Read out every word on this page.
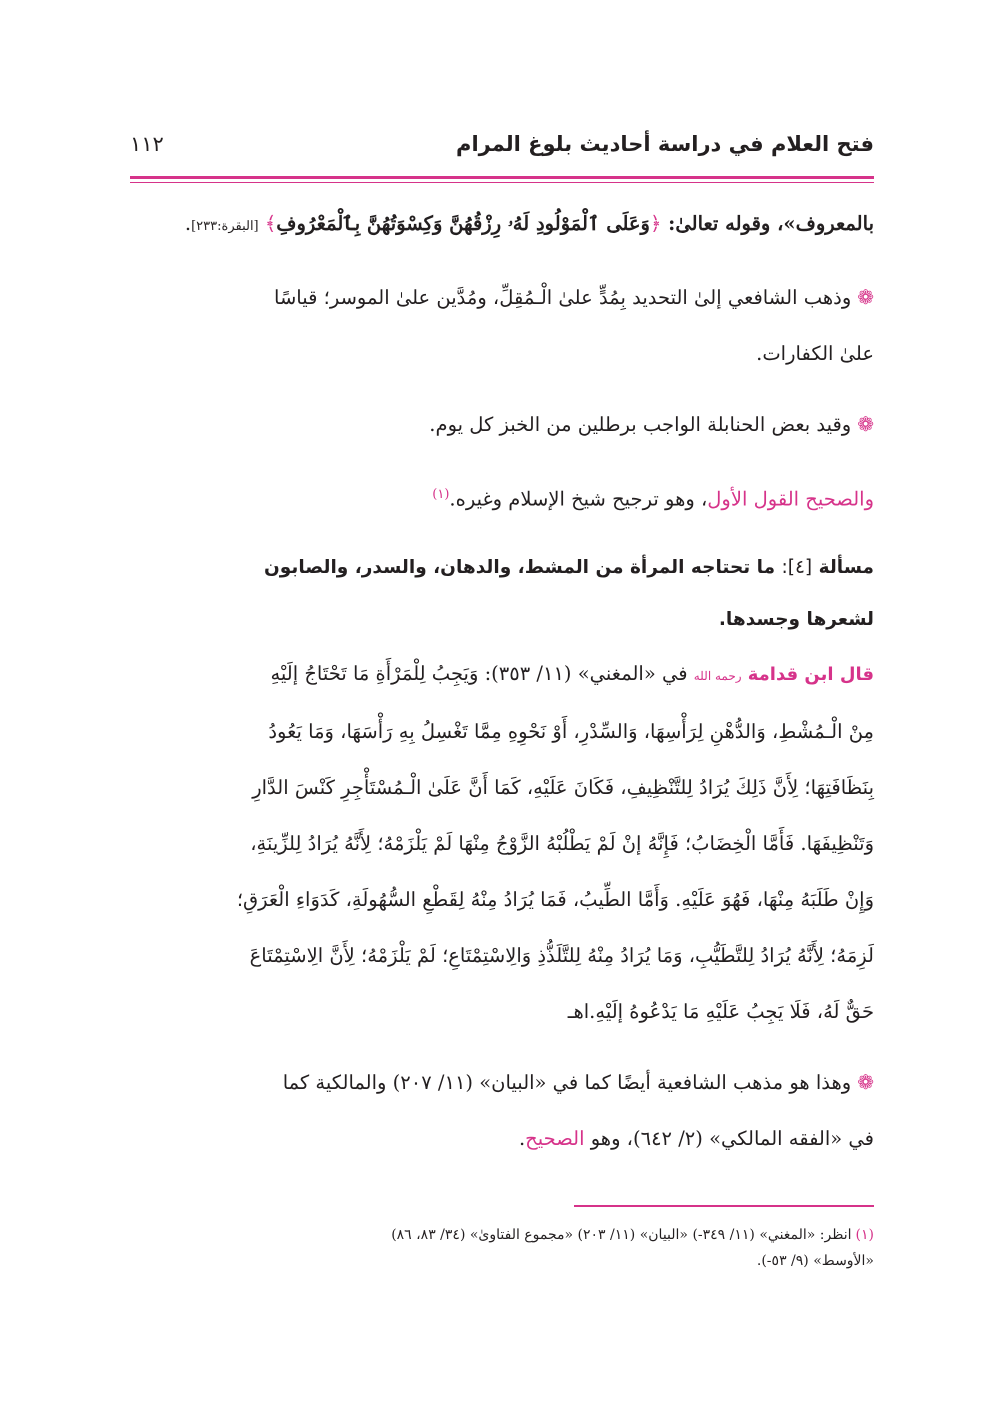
فتح العلام في دراسة أحاديث بلوغ المرام
١١٢
بالمعروف»، وقوله تعالىٰ: ﴿وَعَلَى ٱلْمَوْلُودِ لَهُۥ رِزْقُهُنَّ وَكِسْوَتُهُنَّ بِٱلْمَعْرُوفِ﴾ [البقرة:٢٣٣].
❁وذهب الشافعي إلىٰ التحديد بِمُدٍّ علىٰ الْـمُقِلِّ، ومُدَّين علىٰ الموسر؛ قياسًا
علىٰ الكفارات.
❁وقيد بعض الحنابلة الواجب برطلين من الخبز كل يوم.
والصحيح القول الأول، وهو ترجيح شيخ الإسلام وغيره.$^{(١)}$
مسألة [٤]: ما تحتاجه المرأة من المشط، والدهان، والسدر، والصابون
لشعرها وجسدها.
قال ابن قدامة رحمه الله في «المغني» (١١/ ٣٥٣): وَيَجِبُ لِلْمَرْأَةِ مَا تَحْتَاجُ إلَيْهِ
مِنْ الْـمُشْطِ، وَالدُّهْنِ لِرَأْسِهَا، وَالسِّدْرِ، أَوْ نَحْوِهِ مِمَّا تَغْسِلُ بِهِ رَأْسَهَا، وَمَا يَعُودُ
بِنَظَافَتِهَا؛ لِأَنَّ ذَلِكَ يُرَادُ لِلتَّنْظِيفِ، فَكَانَ عَلَيْهِ، كَمَا أَنَّ عَلَىٰ الْـمُسْتَأْجِرِ كَنْسَ الدَّارِ
وَتَنْظِيفَهَا. فَأَمَّا الْخِضَابُ؛ فَإِنَّهُ إنْ لَمْ يَطْلُبْهُ الزَّوْجُ مِنْهَا لَمْ يَلْزَمْهُ؛ لِأَنَّهُ يُرَادُ لِلزِّينَةِ،
وَإِنْ طَلَبَهُ مِنْهَا، فَهُوَ عَلَيْهِ. وَأَمَّا الطِّيبُ، فَمَا يُرَادُ مِنْهُ لِقَطْعِ السُّهُولَةِ، كَدَوَاءِ الْعَرَقِ؛
لَزِمَهُ؛ لِأَنَّهُ يُرَادُ لِلتَّطَيُّبِ، وَمَا يُرَادُ مِنْهُ لِلتَّلَذُّذِ وَالِاسْتِمْتَاعِ؛ لَمْ يَلْزَمْهُ؛ لِأَنَّ الِاسْتِمْتَاعَ
حَقٌّ لَهُ، فَلَا يَجِبُ عَلَيْهِ مَا يَدْعُوهُ إلَيْهِ.اهـ
❁وهذا هو مذهب الشافعية أيضًا كما في «البيان» (١١/ ٢٠٧) والمالكية كما
في «الفقه المالكي» (٢/ ٦٤٢)، وهو الصحيح.
(١)انظر: «المغني» (١١/ ٣٤٩-) «البيان» (١١/ ٢٠٣) «مجموع الفتاوىٰ» (٣٤/ ٨٣، ٨٦)
«الأوسط» (٩/ ٥٣-).
